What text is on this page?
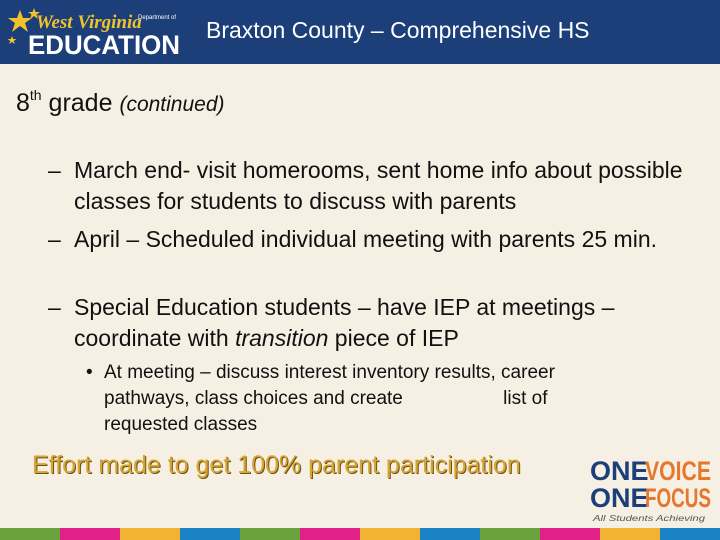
West Virginia
Department of
EDUCATION Braxton County – Comprehensive HS
8th grade (continued)
– March end- visit homerooms, sent home info about possible classes for students to discuss with parents
– April – Scheduled individual meeting with parents 25 min.
– Special Education students – have IEP at meetings – coordinate with transition piece of IEP
• At meeting – discuss interest inventory results, career
pathways, class choices and create                   list of
requested classes
Effort made to get 100% parent participation	ONE
VOICE
ONE
FOCUS
All Students Achieving
